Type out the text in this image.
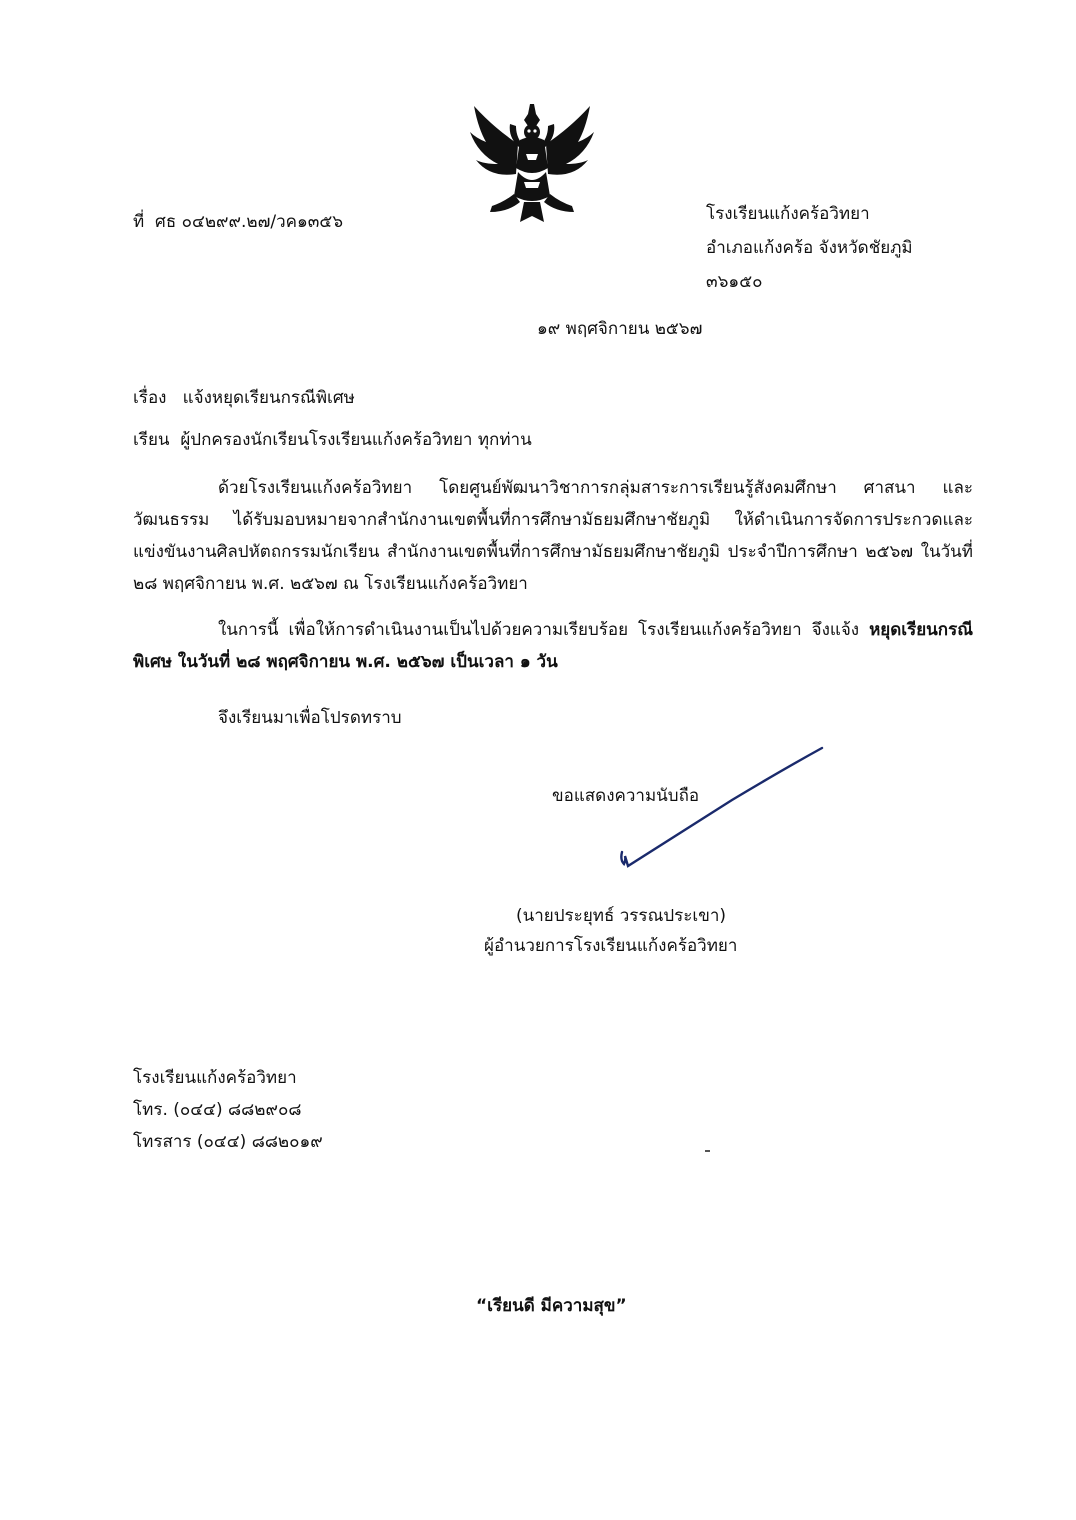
ที่ ศธ ๐๔๒๙๙.๒๗/วค๑๓๕๖	โรงเรียนแก้งคร้อวิทยา
อำเภอแก้งคร้อ จังหวัดชัยภูมิ
๓๖๑๕๐
๑๙ พฤศจิกายน ๒๕๖๗
เรื่อง แจ้งหยุดเรียนกรณีพิเศษ
เรียน ผู้ปกครองนักเรียนโรงเรียนแก้งคร้อวิทยา ทุกท่าน

ด้วยโรงเรียนแก้งคร้อวิทยา โดยศูนย์พัฒนาวิชาการกลุ่มสาระการเรียนรู้สังคมศึกษา ศาสนา และวัฒนธรรม ได้รับมอบหมายจากสำนักงานเขตพื้นที่การศึกษามัธยมศึกษาชัยภูมิ ให้ดำเนินการจัดการประกวดและแข่งขันงานศิลปหัตถกรรมนักเรียน สำนักงานเขตพื้นที่การศึกษามัธยมศึกษาชัยภูมิ ประจำปีการศึกษา ๒๕๖๗ ในวันที่ ๒๘ พฤศจิกายน พ.ศ. ๒๕๖๗ ณ โรงเรียนแก้งคร้อวิทยา

ในการนี้ เพื่อให้การดำเนินงานเป็นไปด้วยความเรียบร้อย โรงเรียนแก้งคร้อวิทยา จึงแจ้ง หยุดเรียนกรณีพิเศษ ในวันที่ ๒๘ พฤศจิกายน พ.ศ. ๒๕๖๗ เป็นเวลา ๑ วัน

จึงเรียนมาเพื่อโปรดทราบ
ขอแสดงความนับถือ
(นายประยุทธ์ วรรณประเขา)
ผู้อำนวยการโรงเรียนแก้งคร้อวิทยา
โรงเรียนแก้งคร้อวิทยา
โทร. (๐๔๔) ๘๘๒๙๐๘
โทรสาร (๐๔๔) ๘๘๒๐๑๙
“เรียนดี มีความสุข”
